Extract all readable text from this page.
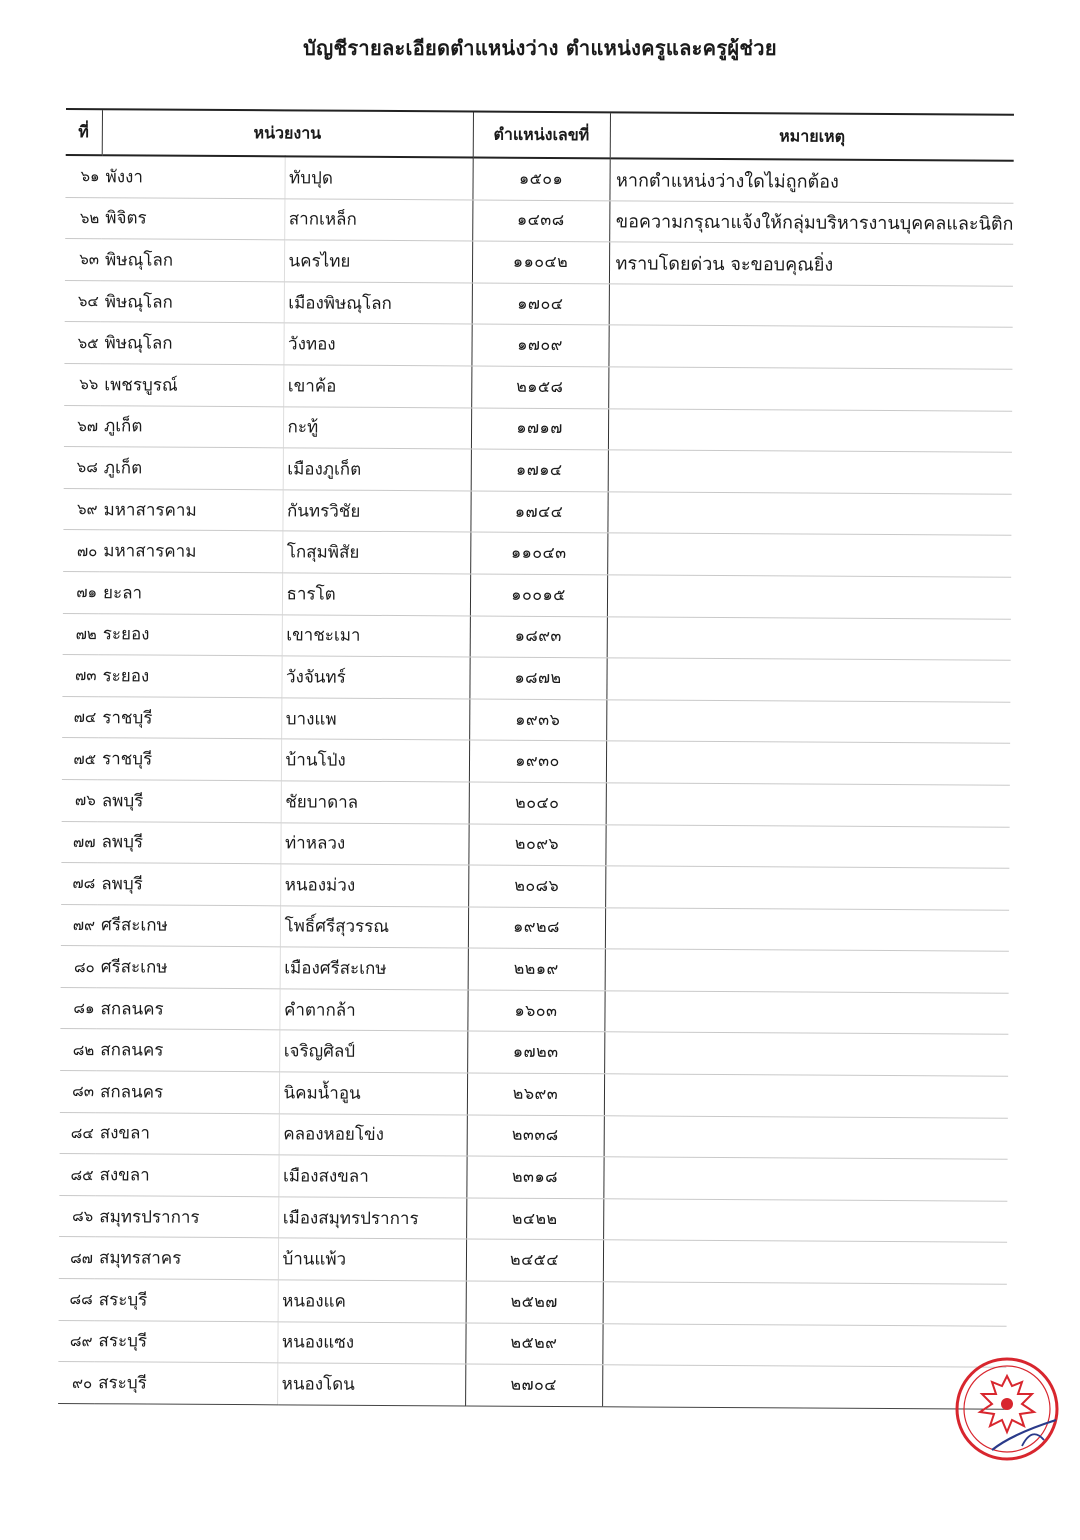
บัญชีรายละเอียดตำแหน่งว่าง ตำแหน่งครูและครูผู้ช่วย
ที่	หน่วยงาน		ตำแหน่งเลขที่	หมายเหตุ
๖๑	พังงา	ทับปุด	๑๕๐๑	หากตำแหน่งว่างใดไม่ถูกต้อง
๖๒	พิจิตร	สากเหล็ก	๑๔๓๘	ขอความกรุณาแจ้งให้กลุ่มบริหารงานบุคคลและนิติก
๖๓	พิษณุโลก	นครไทย	๑๑๐๔๒	ทราบโดยด่วน จะขอบคุณยิ่ง
๖๔	พิษณุโลก	เมืองพิษณุโลก	๑๗๐๔	
๖๕	พิษณุโลก	วังทอง	๑๗๐๙	
๖๖	เพชรบูรณ์	เขาค้อ	๒๑๕๘	
๖๗	ภูเก็ต	กะทู้	๑๗๑๗	
๖๘	ภูเก็ต	เมืองภูเก็ต	๑๗๑๔	
๖๙	มหาสารคาม	กันทรวิชัย	๑๗๔๔	
๗๐	มหาสารคาม	โกสุมพิสัย	๑๑๐๔๓	
๗๑	ยะลา	ธารโต	๑๐๐๑๕	
๗๒	ระยอง	เขาชะเมา	๑๘๙๓	
๗๓	ระยอง	วังจันทร์	๑๘๗๒	
๗๔	ราชบุรี	บางแพ	๑๙๓๖	
๗๕	ราชบุรี	บ้านโป่ง	๑๙๓๐	
๗๖	ลพบุรี	ชัยบาดาล	๒๐๔๐	
๗๗	ลพบุรี	ท่าหลวง	๒๐๙๖	
๗๘	ลพบุรี	หนองม่วง	๒๐๘๖	
๗๙	ศรีสะเกษ	โพธิ์ศรีสุวรรณ	๑๙๒๘	
๘๐	ศรีสะเกษ	เมืองศรีสะเกษ	๒๒๑๙	
๘๑	สกลนคร	คำตากล้า	๑๖๐๓	
๘๒	สกลนคร	เจริญศิลป์	๑๗๒๓	
๘๓	สกลนคร	นิคมน้ำอูน	๒๖๙๓	
๘๔	สงขลา	คลองหอยโข่ง	๒๓๓๘	
๘๕	สงขลา	เมืองสงขลา	๒๓๑๘	
๘๖	สมุทรปราการ	เมืองสมุทรปราการ	๒๔๒๒	
๘๗	สมุทรสาคร	บ้านแพ้ว	๒๔๕๔	
๘๘	สระบุรี	หนองแค	๒๕๒๗	
๘๙	สระบุรี	หนองแซง	๒๕๒๙	
๙๐	สระบุรี	หนองโดน	๒๗๐๔	
